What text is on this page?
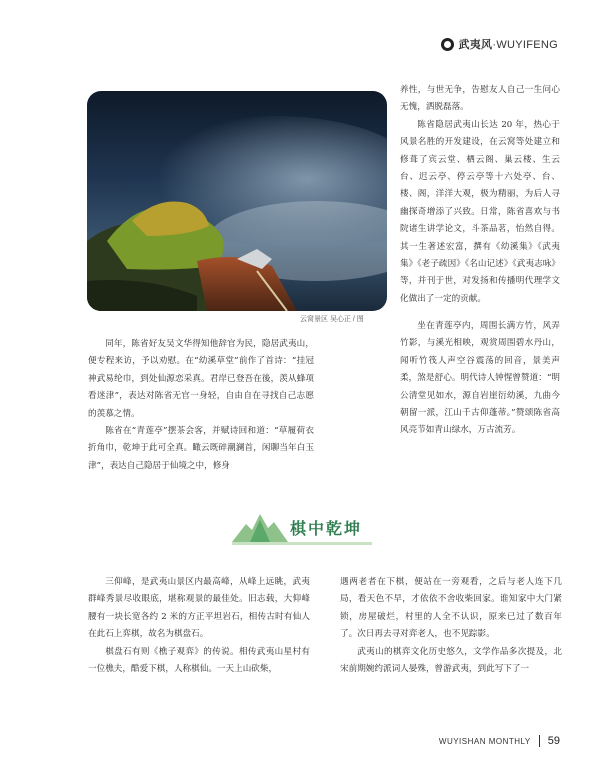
武夷风·WUYIFENG
云窝景区 吴心正 / 图

养性，与世无争，告慰友人自己一生问心无愧，洒脱磊落。

陈省隐居武夷山长达 20 年，热心于风景名胜的开发建设，在云窝等处建立和修葺了宾云堂、栖云阁、巢云楼、生云台、迟云亭、停云亭等十六处亭、台、楼、阁，洋洋大观，极为精丽，为后人寻幽探奇增添了兴致。日常，陈省喜欢与书院诸生讲学论文，斗茶品茗，怡然自得。其一生著述宏富，撰有《幼溪集》《武夷集》《老子疏因》《名山记述》《武夷志咏》等，并刊于世，对发扬和传播明代理学文化做出了一定的贡献。

同年，陈省好友吴文华得知他辞官为民，隐居武夷山，便专程来访，予以劝慰。在“幼溪草堂”前作了首诗：“挂冠神武易纶巾，到处仙源恋采真。君岸已登吾在後，羡从蜂项看迷津”，表达对陈省无官一身轻，自由自在寻找自己志愿的羡慕之情。

陈省在“青莲亭”摆茶会客，并赋诗回和道：“草履荷衣折角巾，乾坤于此可全真。瞰云既碎潮澜首，闲聊当年白玉津”，表达自己隐居于仙境之中，修身

坐在青莲亭内，周围长满方竹，风弄竹影，与溪光相映，观赏周围碧水丹山，闻听竹筏人声空谷震荡的回音，景美声柔，煞是舒心。明代诗人钟惺曾赞道：“明公清堂见如水，源自岩崖衍幼溪，九曲今朝留一派，江山千古仰蓬蒂。”赞颂陈省高风亮节如青山绿水，万古流芳。

棋中乾坤

三仰峰，是武夷山景区内最高峰，从峰上远眺，武夷群峰秀景尽收眼底，堪称观景的最佳处。旧志载，大仰峰腰有一块长宽各约 2 米的方正平坦岩石，相传古时有仙人在此石上弈棋，故名为棋盘石。

棋盘石有则《樵子观弈》的传说。相传武夷山星村有一位樵夫，酷爱下棋，人称棋仙。一天上山砍柴，

遇两老者在下棋，便站在一旁观看，之后与老人连下几局，看天色不早，才依依不舍收柴回家。谁知家中大门紧锁，房屋破烂，村里的人全不认识，原来已过了数百年了。次日再去寻对弈老人，也不见踪影。

武夷山的棋弈文化历史悠久，文学作品多次提及，北宋前期婉约派词人晏殊，曾游武夷，到此写下了一

WUYISHAN MONTHLY 59
